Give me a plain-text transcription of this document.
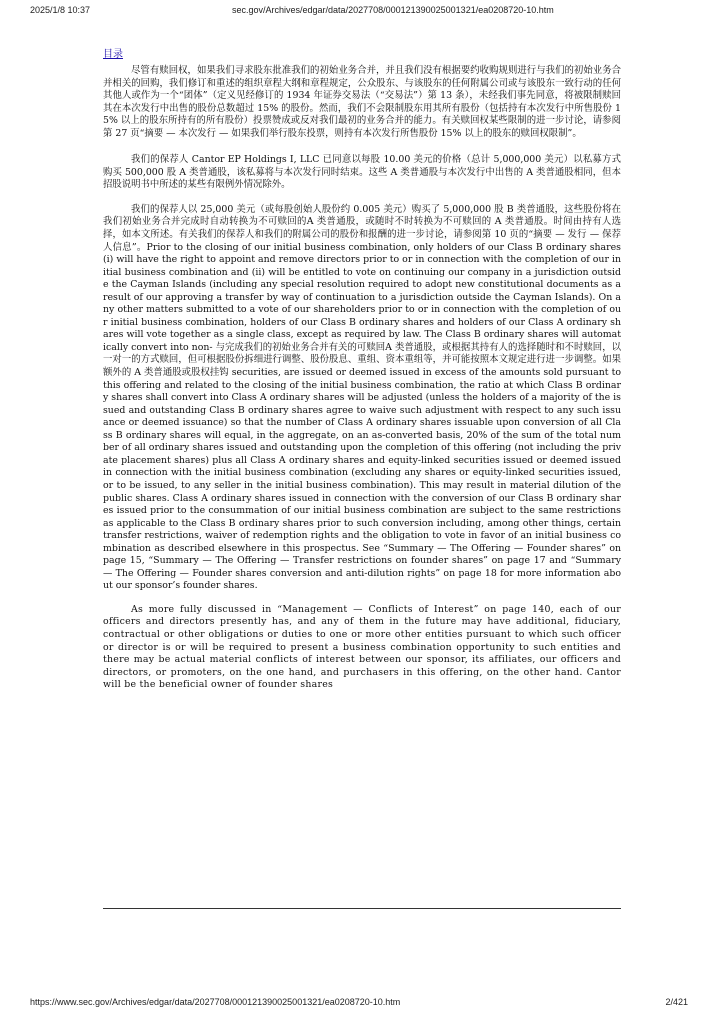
2025/1/8 10:37	sec.gov/Archives/edgar/data/2027708/000121390025001321/ea0208720-10.htm
目录

尽管有赎回权，如果我们寻求股东批准我们的初始业务合并，并且我们没有根据要约收购规则进行与我们的初始业务合并相关的回购，我们修订和重述的组织章程大纲和章程规定，公众股东、与该股东的任何附属公司或与该股东一致行动的任何其他人或作为一个“团体”（定义见经修订的 1934 年证券交易法（“交易法”）第 13 条），未经我们事先同意，将被限制赎回其在本次发行中出售的股份总数超过 15% 的股份。然而，我们不会限制股东用其所有股份（包括持有本次发行中所售股份 15% 以上的股东所持有的所有股份）投票赞成或反对我们最初的业务合并的能力。有关赎回权某些限制的进一步讨论，请参阅第 27 页“摘要 — 本次发行 — 如果我们举行股东投票，则持有本次发行所售股份 15% 以上的股东的赎回权限制”。

我们的保荐人 Cantor EP Holdings I, LLC 已同意以每股 10.00 美元的价格（总计 5,000,000 美元）以私募方式购买 500,000 股 A 类普通股，该私募将与本次发行同时结束。这些 A 类普通股与本次发行中出售的 A 类普通股相同，但本招股说明书中所述的某些有限例外情况除外。

我们的保荐人以 25,000 美元（或每股创始人股份约 0.005 美元）购买了 5,000,000 股 B 类普通股，这些股份将在我们初始业务合并完成时自动转换为不可赎回的A 类普通股，或随时不时转换为不可赎回的 A 类普通股。时间由持有人选择，如本文所述。有关我们的保荐人和我们的附属公司的股份和报酬的进一步讨论，请参阅第 10 页的“摘要 — 发行 — 保荐人信息”。Prior to the closing of our initial business combination, only holders of our Class B ordinary shares (i) will have the right to appoint and remove directors prior to or in connection with the completion of our initial business combination and (ii) will be entitled to vote on continuing our company in a jurisdiction outside the Cayman Islands (including any special resolution required to adopt new constitutional documents as a result of our approving a transfer by way of continuation to a jurisdiction outside the Cayman Islands). On any other matters submitted to a vote of our shareholders prior to or in connection with the completion of our initial business combination, holders of our Class B ordinary shares and holders of our Class A ordinary shares will vote together as a single class, except as required by law. The Class B ordinary shares will automatically convert into non- 与完成我们的初始业务合并有关的可赎回A 类普通股，或根据其持有人的选择随时和不时赎回，以一对一的方式赎回，但可根据股份拆细进行调整、股份股息、重组、资本重组等，并可能按照本文规定进行进一步调整。如果额外的 A 类普通股或股权挂钩 securities, are issued or deemed issued in excess of the amounts sold pursuant to this offering and related to the closing of the initial business combination, the ratio at which Class B ordinary shares shall convert into Class A ordinary shares will be adjusted (unless the holders of a majority of the issued and outstanding Class B ordinary shares agree to waive such adjustment with respect to any such issuance or deemed issuance) so that the number of Class A ordinary shares issuable upon conversion of all Class B ordinary shares will equal, in the aggregate, on an as-converted basis, 20% of the sum of the total number of all ordinary shares issued and outstanding upon the completion of this offering (not including the private placement shares) plus all Class A ordinary shares and equity-linked securities issued or deemed issued in connection with the initial business combination (excluding any shares or equity-linked securities issued, or to be issued, to any seller in the initial business combination). This may result in material dilution of the public shares. Class A ordinary shares issued in connection with the conversion of our Class B ordinary shares issued prior to the consummation of our initial business combination are subject to the same restrictions as applicable to the Class B ordinary shares prior to such conversion including, among other things, certain transfer restrictions, waiver of redemption rights and the obligation to vote in favor of an initial business combination as described elsewhere in this prospectus. See “Summary — The Offering — Founder shares” on page 15, “Summary — The Offering — Transfer restrictions on founder shares” on page 17 and “Summary — The Offering — Founder shares conversion and anti-dilution rights” on page 18 for more information about our sponsor’s founder shares.

As more fully discussed in “Management — Conflicts of Interest” on page 140, each of our officers and directors presently has, and any of them in the future may have additional, fiduciary, contractual or other obligations or duties to one or more other entities pursuant to which such officer or director is or will be required to present a business combination opportunity to such entities and there may be actual material conflicts of interest between our sponsor, its affiliates, our officers and directors, or promoters, on the one hand, and purchasers in this offering, on the other hand. Cantor will be the beneficial owner of founder shares

https://www.sec.gov/Archives/edgar/data/2027708/000121390025001321/ea0208720-10.htm	2/421
